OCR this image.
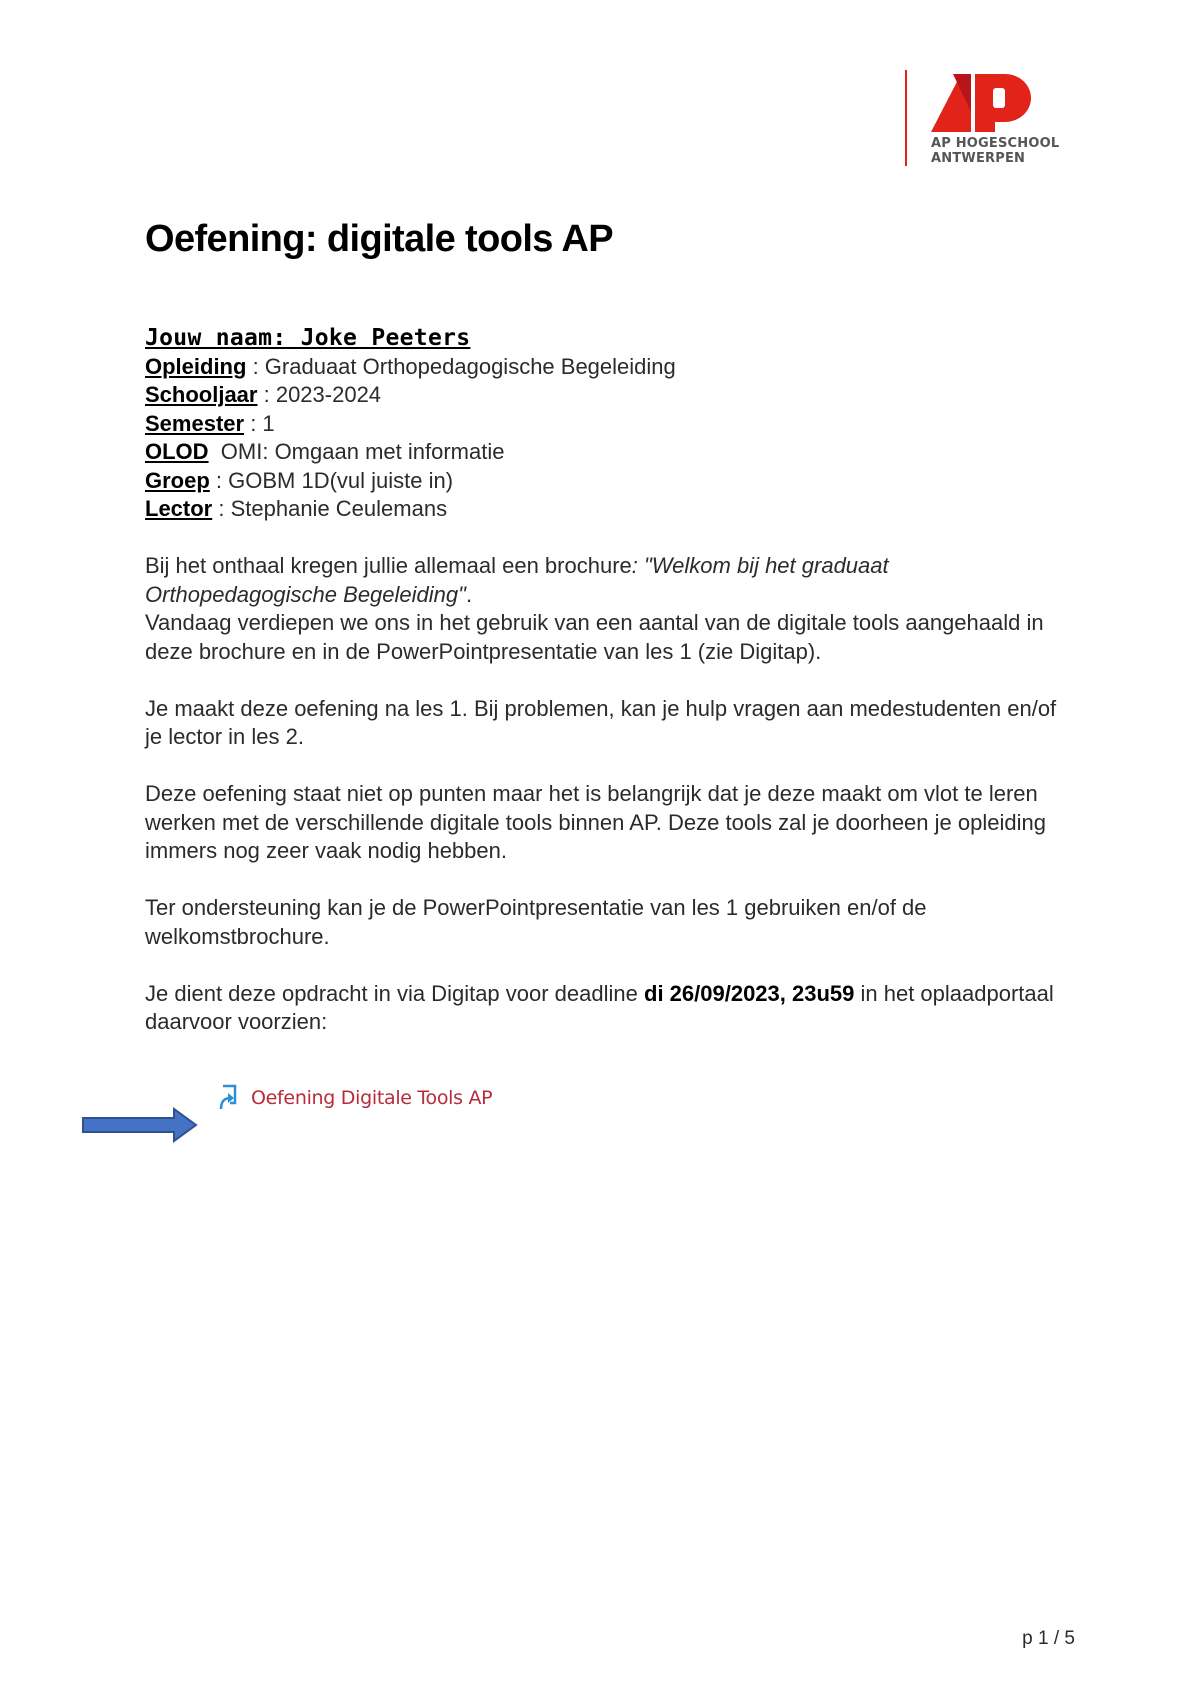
AP HOGESCHOOL
ANTWERPEN
Oefening: digitale tools AP
Jouw naam: Joke Peeters
Opleiding : Graduaat Orthopedagogische Begeleiding
Schooljaar : 2023-2024
Semester : 1
OLOD OMI: Omgaan met informatie
Groep : GOBM 1D(vul juiste in)
Lector : Stephanie Ceulemans

Bij het onthaal kregen jullie allemaal een brochure: "Welkom bij het graduaat Orthopedagogische Begeleiding".
Vandaag verdiepen we ons in het gebruik van een aantal van de digitale tools aangehaald in deze brochure en in de PowerPointpresentatie van les 1 (zie Digitap).

Je maakt deze oefening na les 1. Bij problemen, kan je hulp vragen aan medestudenten en/of je lector in les 2.

Deze oefening staat niet op punten maar het is belangrijk dat je deze maakt om vlot te leren werken met de verschillende digitale tools binnen AP. Deze tools zal je doorheen je opleiding immers nog zeer vaak nodig hebben.

Ter ondersteuning kan je de PowerPointpresentatie van les 1 gebruiken en/of de welkomstbrochure.

Je dient deze opdracht in via Digitap voor deadline di 26/09/2023, 23u59 in het oplaadportaal daarvoor voorzien:

Oefening Digitale Tools AP
p 1 / 5
